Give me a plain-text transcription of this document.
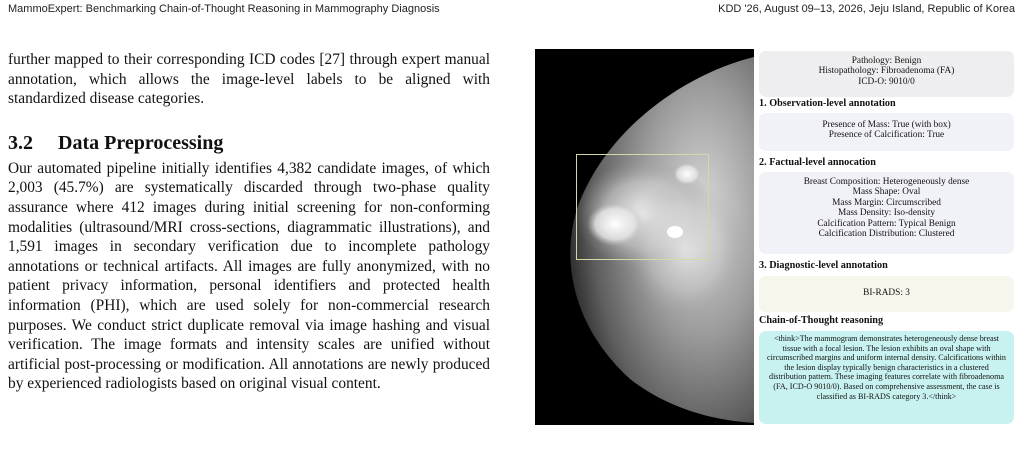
MammoExpert: Benchmarking Chain-of-Thought Reasoning in Mammography Diagnosis	KDD '26, August 09–13, 2026, Jeju Island, Republic of Korea

further mapped to their corresponding ICD codes [27] through expert manual annotation, which allows the image-level labels to be aligned with standardized disease categories.

3.2 Data Preprocessing

Our automated pipeline initially identifies 4,382 candidate images, of which 2,003 (45.7%) are systematically discarded through two-phase quality assurance where 412 images during initial screening for non-conforming modalities (ultrasound/MRI cross-sections, diagrammatic illustrations), and 1,591 images in secondary verification due to incomplete pathology annotations or technical artifacts. All images are fully anonymized, with no patient privacy information, personal identifiers and protected health information (PHI), which are used solely for non-commercial research purposes. We conduct strict duplicate removal via image hashing and visual verification. The image formats and intensity scales are unified without artificial post-processing or modification. All annotations are newly produced by experienced radiologists based on original visual content.

Pathology: Benign
Histopathology: Fibroadenoma (FA)
ICD-O: 9010/0
1. Observation-level annotation
Presence of Mass: True (with box)
Presence of Calcification: True
2. Factual-level annocation
Breast Composition: Heterogeneously dense
Mass Shape: Oval
Mass Margin: Circumscribed
Mass Density: Iso-density
Calcification Pattern: Typical Benign
Calcification Distribution: Clustered
3. Diagnostic-level annotation
BI-RADS: 3
Chain-of-Thought reasoning
<think>The mammogram demonstrates heterogeneously dense breast tissue with a focal lesion. The lesion exhibits an oval shape with circumscribed margins and uniform internal density. Calcifications within the lesion display typically benign characteristics in a clustered distribution pattern. These imaging features correlate with fibroadenoma (FA, ICD-O 9010/0). Based on comprehensive assessment, the case is classified as BI-RADS category 3.</think>
